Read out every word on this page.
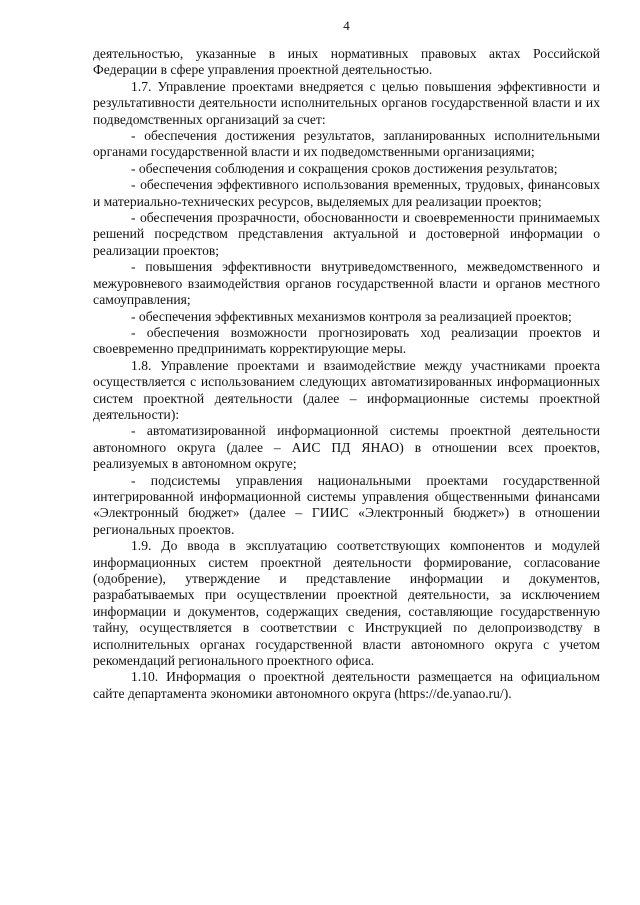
4

деятельностью, указанные в иных нормативных правовых актах Российской Федерации в сфере управления проектной деятельностью.

1.7. Управление проектами внедряется с целью повышения эффективности и результативности деятельности исполнительных органов государственной власти и их подведомственных организаций за счет:

- обеспечения достижения результатов, запланированных исполнительными органами государственной власти и их подведомственными организациями;

- обеспечения соблюдения и сокращения сроков достижения результатов;

- обеспечения эффективного использования временных, трудовых, финансовых и материально-технических ресурсов, выделяемых для реализации проектов;

- обеспечения прозрачности, обоснованности и своевременности принимаемых решений посредством представления актуальной и достоверной информации о реализации проектов;

- повышения эффективности внутриведомственного, межведомственного и межуровневого взаимодействия органов государственной власти и органов местного самоуправления;

- обеспечения эффективных механизмов контроля за реализацией проектов;

- обеспечения возможности прогнозировать ход реализации проектов и своевременно предпринимать корректирующие меры.

1.8. Управление проектами и взаимодействие между участниками проекта осуществляется с использованием следующих автоматизированных информационных систем проектной деятельности (далее – информационные системы проектной деятельности):

- автоматизированной информационной системы проектной деятельности автономного округа (далее – АИС ПД ЯНАО) в отношении всех проектов, реализуемых в автономном округе;

- подсистемы управления национальными проектами государственной интегрированной информационной системы управления общественными финансами «Электронный бюджет» (далее – ГИИС «Электронный бюджет») в отношении региональных проектов.

1.9. До ввода в эксплуатацию соответствующих компонентов и модулей информационных систем проектной деятельности формирование, согласование (одобрение), утверждение и представление информации и документов, разрабатываемых при осуществлении проектной деятельности, за исключением информации и документов, содержащих сведения, составляющие государственную тайну, осуществляется в соответствии с Инструкцией по делопроизводству в исполнительных органах государственной власти автономного округа с учетом рекомендаций регионального проектного офиса.

1.10. Информация о проектной деятельности размещается на официальном сайте департамента экономики автономного округа (https://de.yanao.ru/).
